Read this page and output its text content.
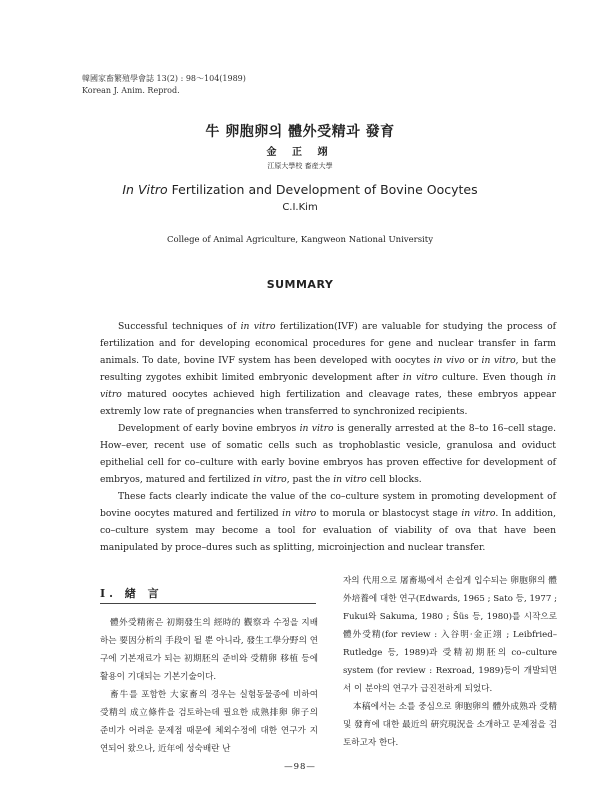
韓國家畜繁殖學會誌 13(2) : 98～104(1989)
Korean J. Anim. Reprod.
牛 卵胞卵의 體外受精과 發育
金 正 翊
江原大學校 畜産大學
In Vitro Fertilization and Development of Bovine Oocytes
C.I.Kim
College of Animal Agriculture, Kangweon National University
SUMMARY

Successful techniques of in vitro fertilization(IVF) are valuable for studying the process of fertilization and for developing economical procedures for gene and nuclear transfer in farm animals. To date, bovine IVF system has been developed with oocytes in vivo or in vitro, but the resulting zygotes exhibit limited embryonic development after in vitro culture. Even though in vitro matured oocytes achieved high fertilization and cleavage rates, these embryos appear extremly low rate of pregnancies when transferred to synchronized recipients.

Development of early bovine embryos in vitro is generally arrested at the 8–to 16–cell stage. How–ever, recent use of somatic cells such as trophoblastic vesicle, granulosa and oviduct epithelial cell for co–culture with early bovine embryos has proven effective for development of embryos, matured and fertilized in vitro, past the in vitro cell blocks.

These facts clearly indicate the value of the co–culture system in promoting development of bovine oocytes matured and fertilized in vitro to morula or blastocyst stage in vitro. In addition, co–culture system may become a tool for evaluation of viability of ova that have been manipulated by proce–dures such as splitting, microinjection and nuclear transfer.

I. 緖 言

體外受精術은 初期發生의 經時的 觀察과 수정을 지배하는 要因分析의 手段이 될 뿐 아니라, 發生工學分野의 연구에 기본재료가 되는 初期胚의 준비와 受精卵 移植 등에 활용이 기대되는 기본기술이다.

畜牛를 포함한 大家畜의 경우는 실험동물종에 비하여 受精의 成立條件을 검토하는데 필요한 成熟排卵 卵子의 준비가 어려운 문제점 때문에 체외수정에 대한 연구가 지연되어 왔으나, 近年에 성숙배란 난

자의 代用으로 屠畜場에서 손쉽게 입수되는 卵胞卵의 體外培養에 대한 연구(Edwards, 1965 ; Sato 등, 1977 ; Fukui와 Sakuma, 1980 ; Šüs 등, 1980)를 시작으로 體外受精(for review : 入谷明·金正翊 ; Leibfried–Rutledge 등, 1989)과 受精初期胚의 co–culture system (for review : Rexroad, 1989)등이 개발되면서 이 분야의 연구가 급진전하게 되었다.

本稿에서는 소를 중심으로 卵胞卵의 體外成熟과 受精 및 發育에 대한 最近의 硏究現況을 소개하고 문제점을 검토하고자 한다.

—98—
